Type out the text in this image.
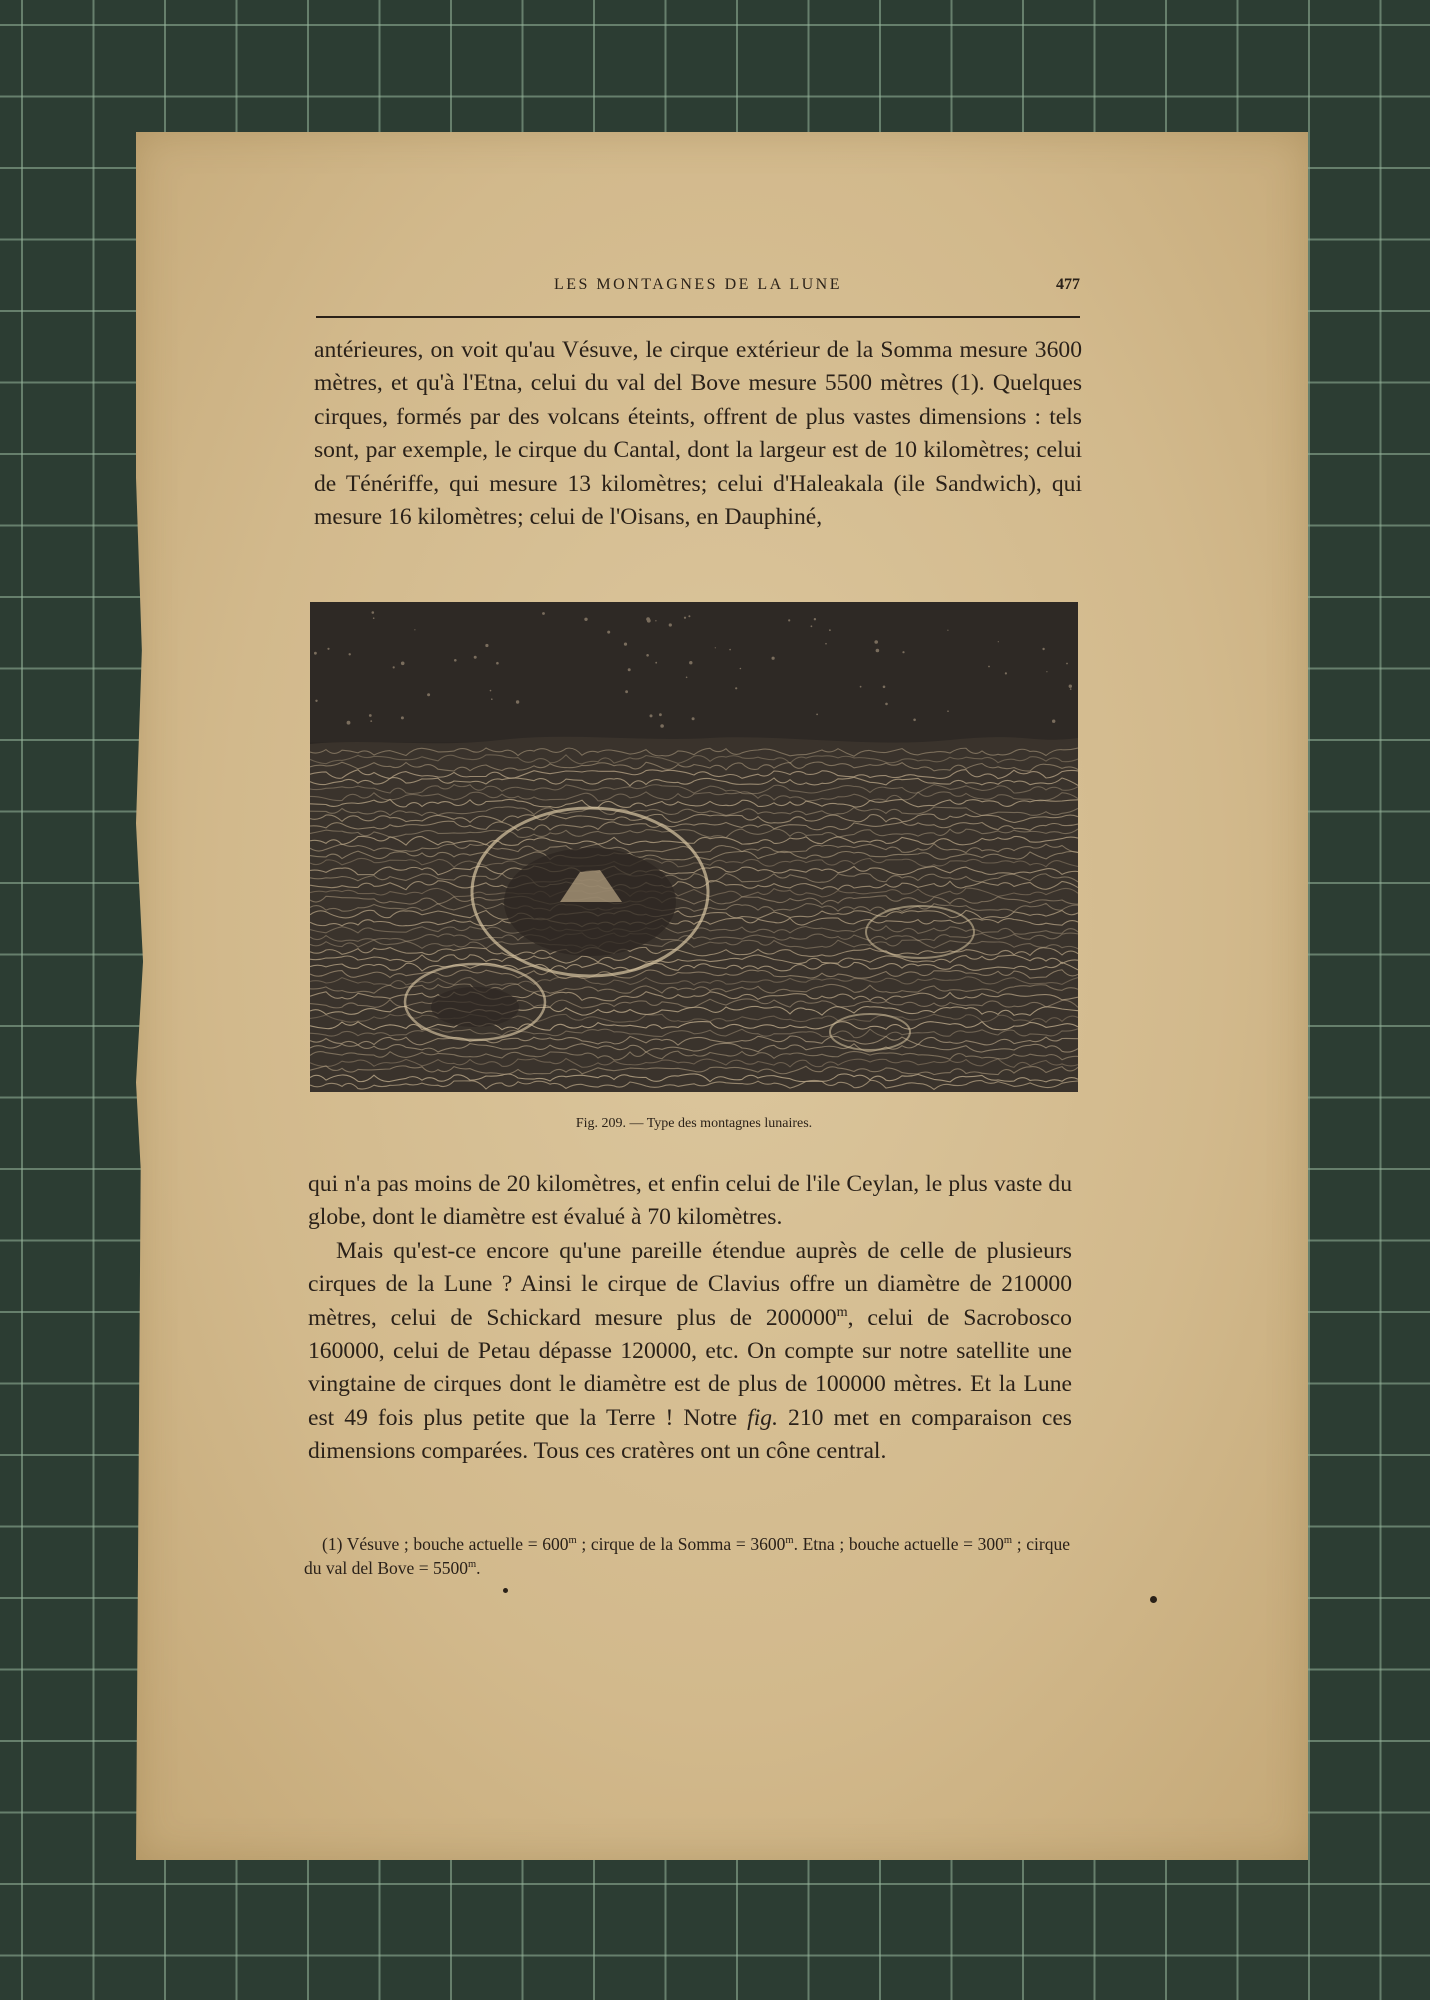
LES MONTAGNES DE LA LUNE	477

antérieures, on voit qu'au Vésuve, le cirque extérieur de la Somma mesure 3600 mètres, et qu'à l'Etna, celui du val del Bove mesure 5500 mètres (1). Quelques cirques, formés par des volcans éteints, offrent de plus vastes dimensions : tels sont, par exemple, le cirque du Cantal, dont la largeur est de 10 kilomètres; celui de Ténériffe, qui mesure 13 kilomètres; celui d'Haleakala (ile Sandwich), qui mesure 16 kilomètres; celui de l'Oisans, en Dauphiné,

Fig. 209. — Type des montagnes lunaires.

qui n'a pas moins de 20 kilomètres, et enfin celui de l'ile Ceylan, le plus vaste du globe, dont le diamètre est évalué à 70 kilomètres.

Mais qu'est-ce encore qu'une pareille étendue auprès de celle de plusieurs cirques de la Lune ? Ainsi le cirque de Clavius offre un diamètre de 210000 mètres, celui de Schickard mesure plus de 200000$^m$, celui de Sacrobosco 160000, celui de Petau dépasse 120000, etc. On compte sur notre satellite une vingtaine de cirques dont le diamètre est de plus de 100000 mètres. Et la Lune est 49 fois plus petite que la Terre ! Notre fig. 210 met en comparaison ces dimensions comparées. Tous ces cratères ont un cône central.

(1) Vésuve ; bouche actuelle = $600^m$ ; cirque de la Somma = $3600^m$. Etna ; bouche actuelle = $300^m$ ; cirque du val del Bove = $5500^m$.
